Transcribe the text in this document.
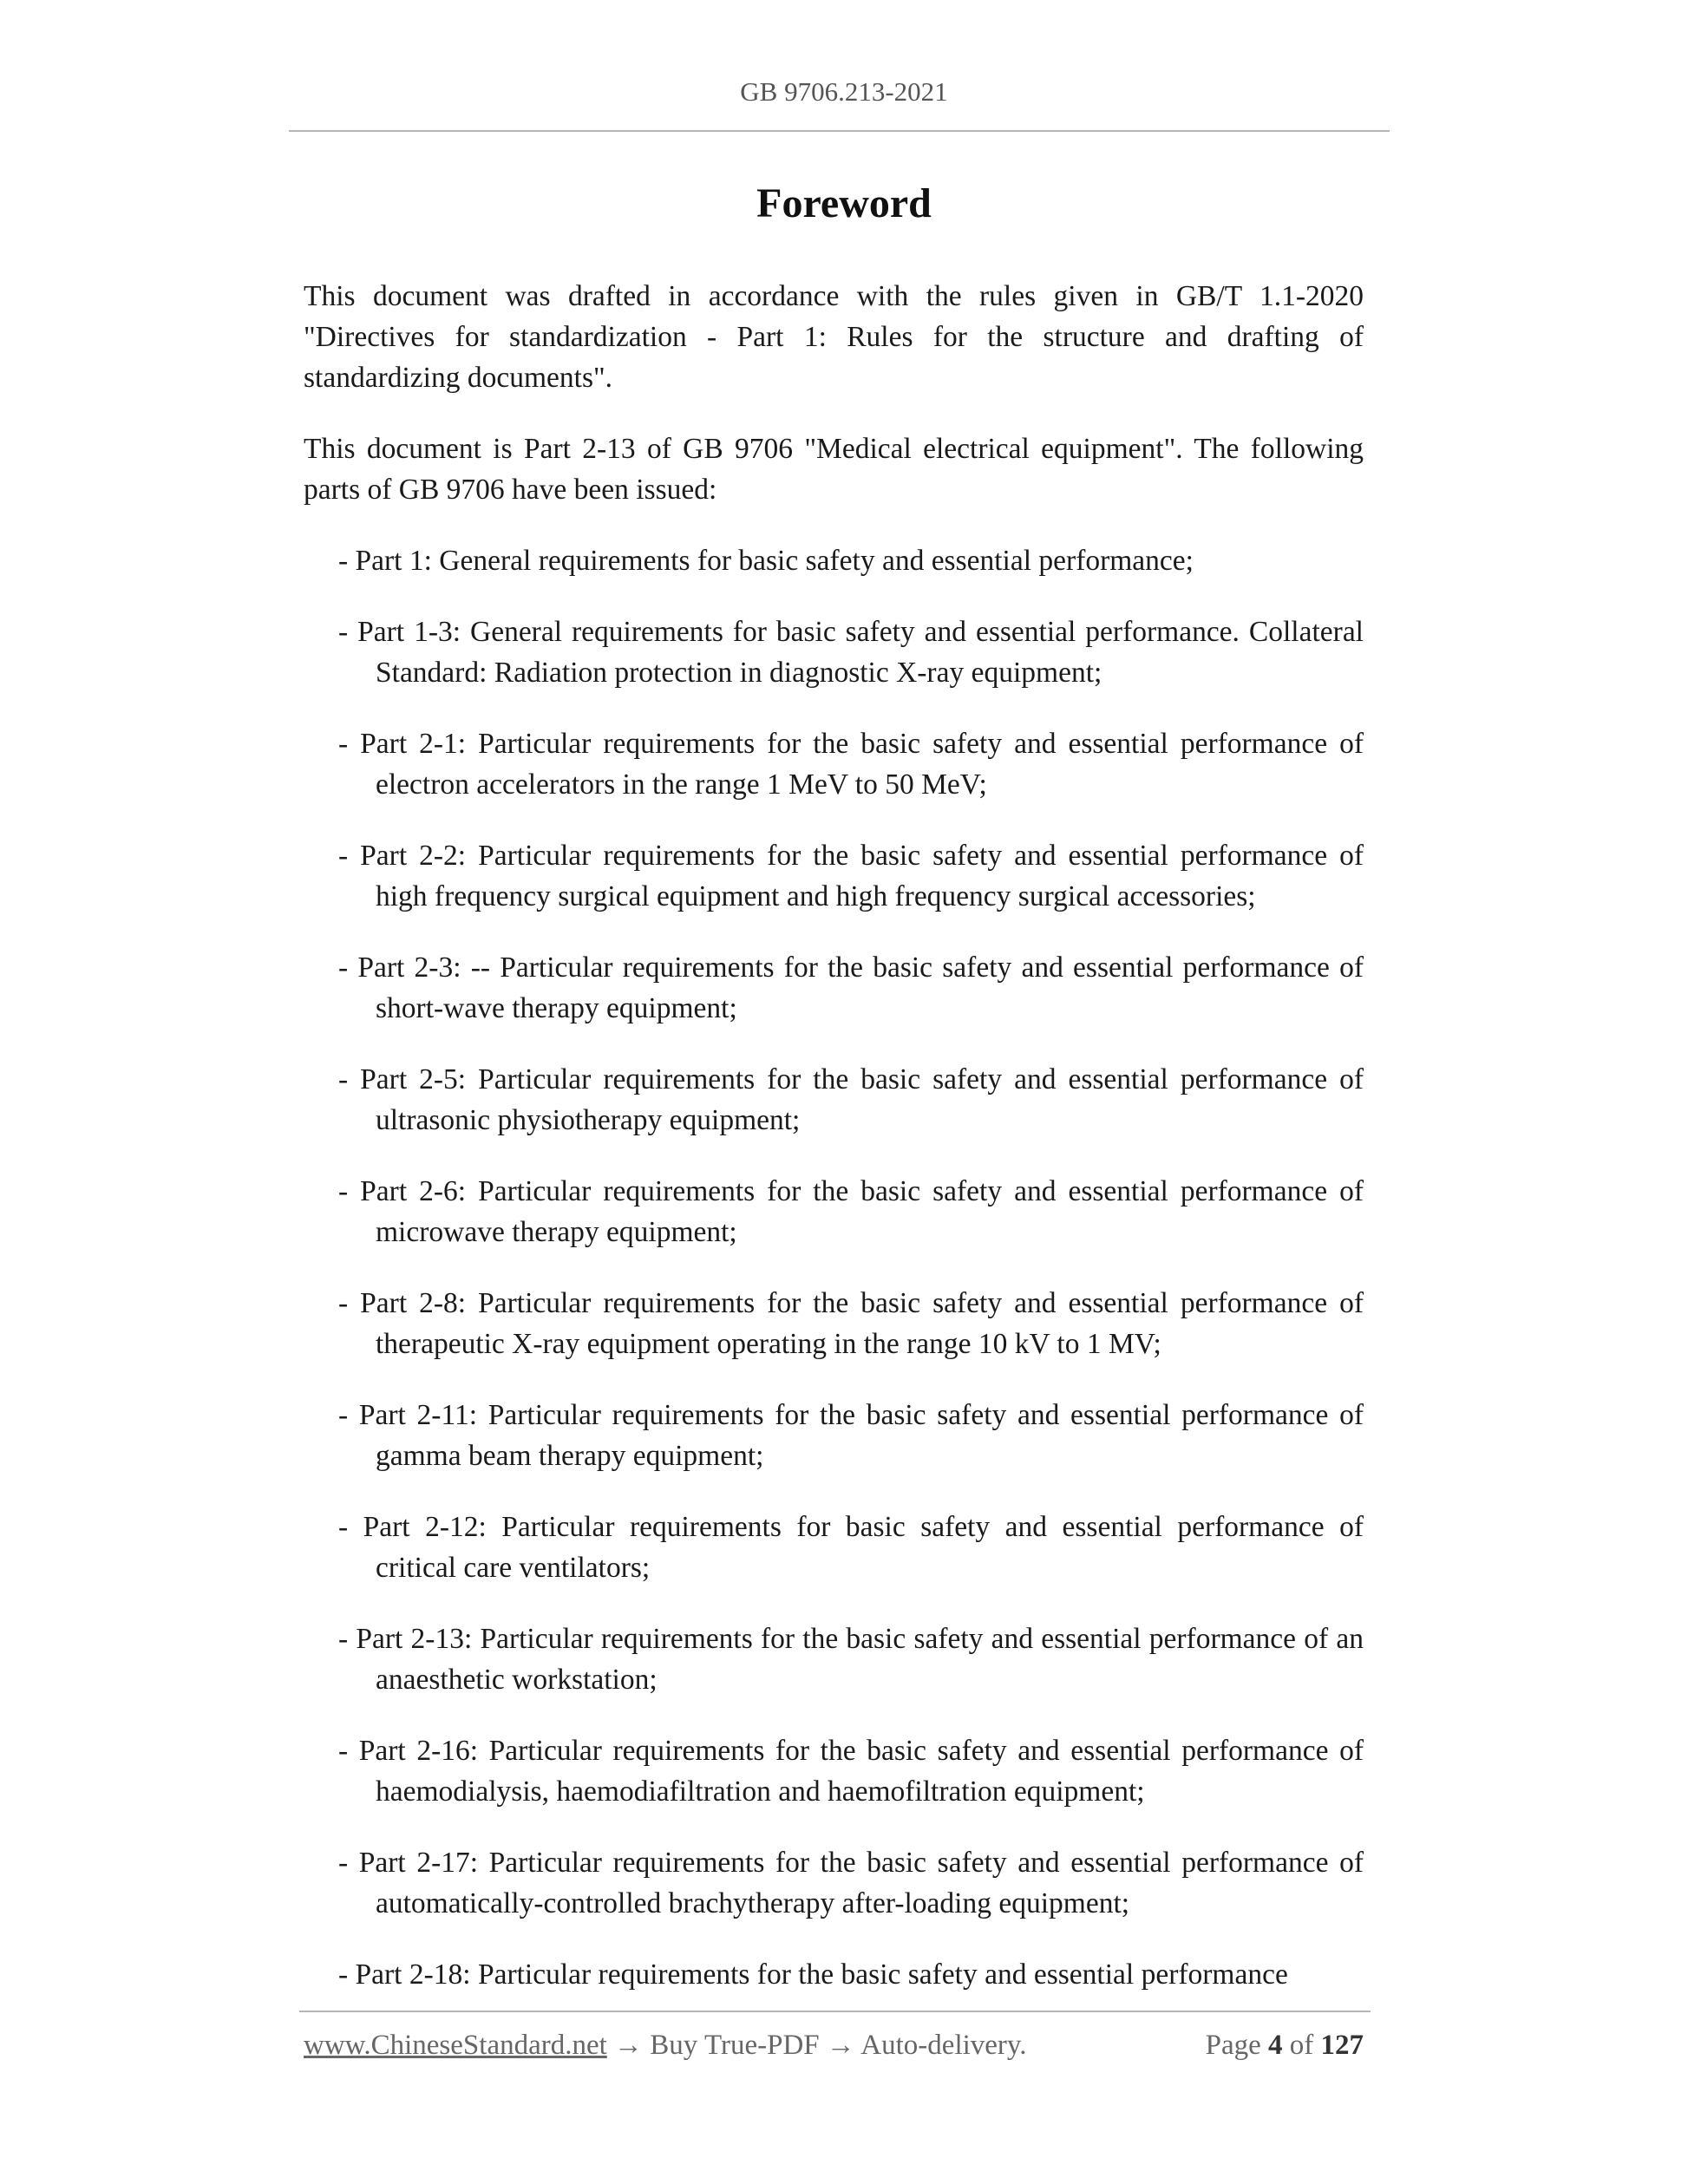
GB 9706.213-2021
Foreword

This document was drafted in accordance with the rules given in GB/T 1.1-2020 "Directives for standardization - Part 1: Rules for the structure and drafting of standardizing documents".

This document is Part 2-13 of GB 9706 "Medical electrical equipment". The following parts of GB 9706 have been issued:

- Part 1: General requirements for basic safety and essential performance;

- Part 1-3: General requirements for basic safety and essential performance. Collateral Standard: Radiation protection in diagnostic X-ray equipment;

- Part 2-1: Particular requirements for the basic safety and essential performance of electron accelerators in the range 1 MeV to 50 MeV;

- Part 2-2: Particular requirements for the basic safety and essential performance of high frequency surgical equipment and high frequency surgical accessories;

- Part 2-3: -- Particular requirements for the basic safety and essential performance of short-wave therapy equipment;

- Part 2-5: Particular requirements for the basic safety and essential performance of ultrasonic physiotherapy equipment;

- Part 2-6: Particular requirements for the basic safety and essential performance of microwave therapy equipment;

- Part 2-8: Particular requirements for the basic safety and essential performance of therapeutic X-ray equipment operating in the range 10 kV to 1 MV;

- Part 2-11: Particular requirements for the basic safety and essential performance of gamma beam therapy equipment;

- Part 2-12: Particular requirements for basic safety and essential performance of critical care ventilators;

- Part 2-13: Particular requirements for the basic safety and essential performance of an anaesthetic workstation;

- Part 2-16: Particular requirements for the basic safety and essential performance of haemodialysis, haemodiafiltration and haemofiltration equipment;

- Part 2-17: Particular requirements for the basic safety and essential performance of automatically-controlled brachytherapy after-loading equipment;

- Part 2-18: Particular requirements for the basic safety and essential performance

www.ChineseStandard.net → Buy True-PDF → Auto-delivery.	Page 4 of 127
